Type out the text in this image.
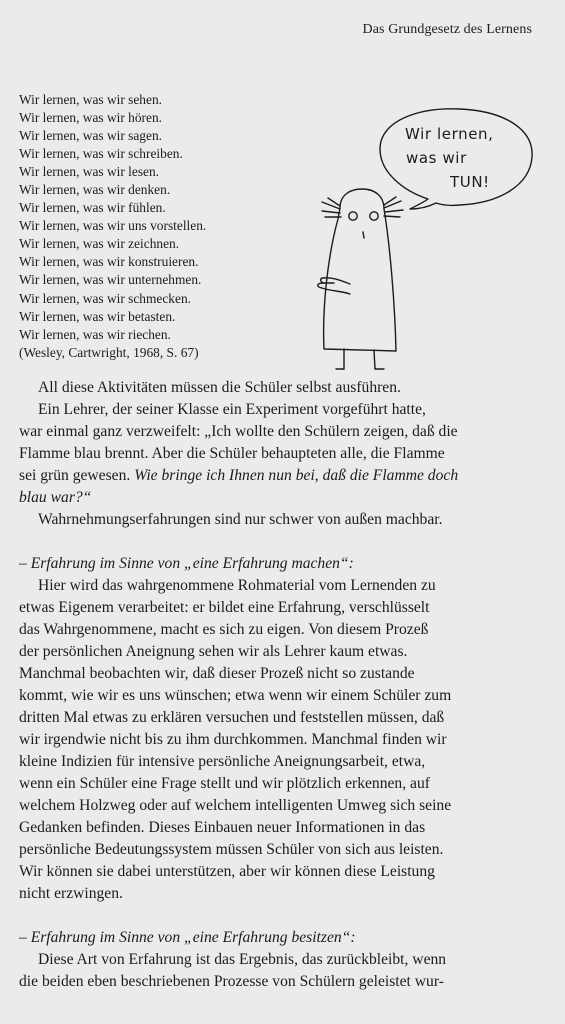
Das Grundgesetz des Lernens
Wir lernen, was wir sehen.
Wir lernen, was wir hören.
Wir lernen, was wir sagen.
Wir lernen, was wir schreiben.
Wir lernen, was wir lesen.
Wir lernen, was wir denken.
Wir lernen, was wir fühlen.
Wir lernen, was wir uns vorstellen.
Wir lernen, was wir zeichnen.
Wir lernen, was wir konstruieren.
Wir lernen, was wir unternehmen.
Wir lernen, was wir schmecken.
Wir lernen, was wir betasten.
Wir lernen, was wir riechen.
(Wesley, Cartwright, 1968, S. 67)
Wir lernen,
was wir
TUN!

All diese Aktivitäten müssen die Schüler selbst ausführen.

Ein Lehrer, der seiner Klasse ein Experiment vorgeführt hatte,

war einmal ganz verzweifelt: „Ich wollte den Schülern zeigen, daß die

Flamme blau brennt. Aber die Schüler behaupteten alle, die Flamme

sei grün gewesen. Wie bringe ich Ihnen nun bei, daß die Flamme doch

blau war?“

Wahrnehmungserfahrungen sind nur schwer von außen machbar.

– Erfahrung im Sinne von „eine Erfahrung machen“:

Hier wird das wahrgenommene Rohmaterial vom Lernenden zu

etwas Eigenem verarbeitet: er bildet eine Erfahrung, verschlüsselt

das Wahrgenommene, macht es sich zu eigen. Von diesem Prozeß

der persönlichen Aneignung sehen wir als Lehrer kaum etwas.

Manchmal beobachten wir, daß dieser Prozeß nicht so zustande

kommt, wie wir es uns wünschen; etwa wenn wir einem Schüler zum

dritten Mal etwas zu erklären versuchen und feststellen müssen, daß

wir irgendwie nicht bis zu ihm durchkommen. Manchmal finden wir

kleine Indizien für intensive persönliche Aneignungsarbeit, etwa,

wenn ein Schüler eine Frage stellt und wir plötzlich erkennen, auf

welchem Holzweg oder auf welchem intelligenten Umweg sich seine

Gedanken befinden. Dieses Einbauen neuer Informationen in das

persönliche Bedeutungssystem müssen Schüler von sich aus leisten.

Wir können sie dabei unterstützen, aber wir können diese Leistung

nicht erzwingen.

– Erfahrung im Sinne von „eine Erfahrung besitzen“:

Diese Art von Erfahrung ist das Ergebnis, das zurückbleibt, wenn

die beiden eben beschriebenen Prozesse von Schülern geleistet wur-
